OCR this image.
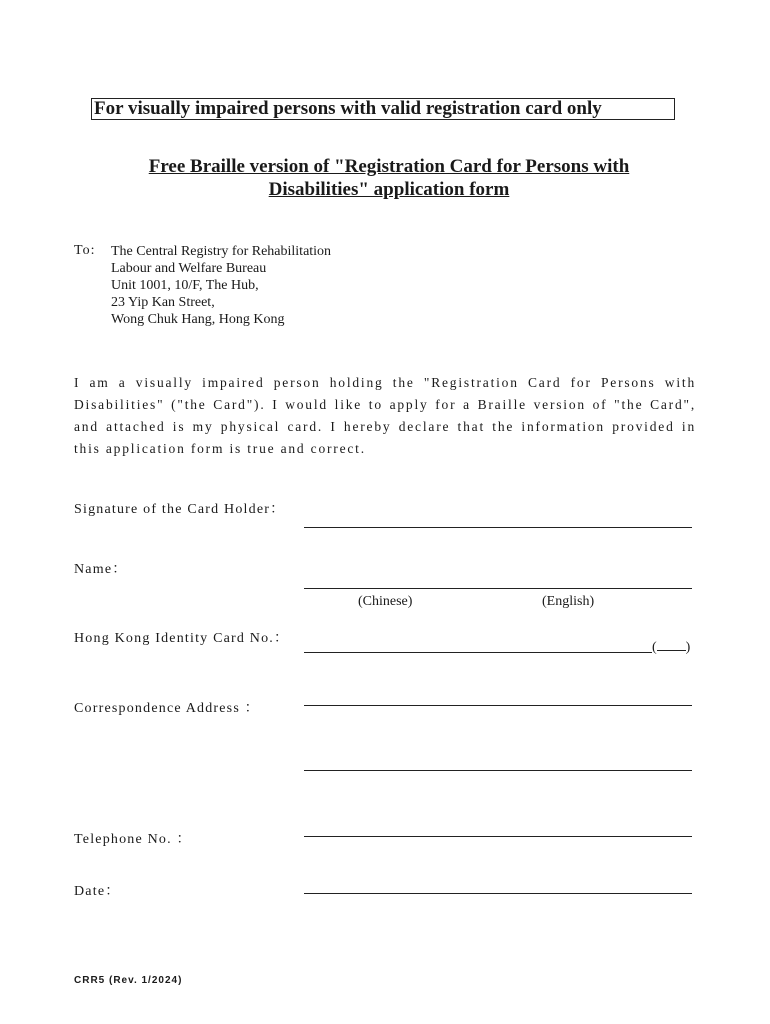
For visually impaired persons with valid registration card only
Free Braille version of "Registration Card for Persons with
Disabilities" application form
To: The Central Registry for Rehabilitation
Labour and Welfare Bureau
Unit 1001, 10/F, The Hub,
23 Yip Kan Street,
Wong Chuk Hang, Hong Kong
I am a visually impaired person holding the "Registration Card for Persons with Disabilities" ("the Card"). I would like to apply for a Braille version of "the Card", and attached is my physical card. I hereby declare that the information provided in this application form is true and correct.
Signature of the Card Holder：
Name：
(Chinese)	(English)
Hong Kong Identity Card No.：
( )
Correspondence Address ：
Telephone No. ：
Date：
CRR5 (Rev. 1/2024)
